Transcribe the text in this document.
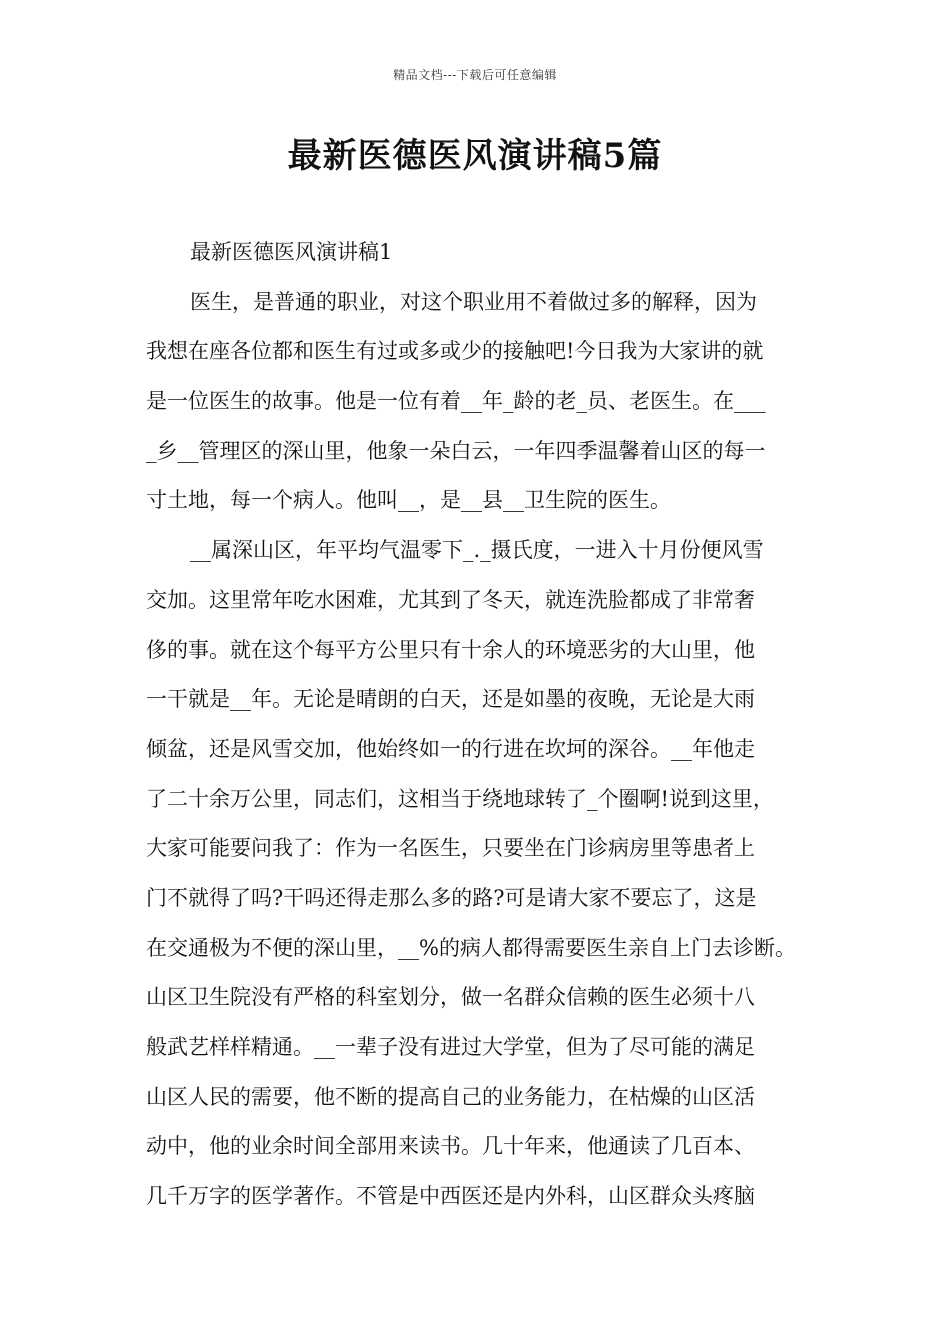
精品文档---下载后可任意编辑
最新医德医风演讲稿5篇
最新医德医风演讲稿1
医生，是普通的职业，对这个职业用不着做过多的解释，因为
我想在座各位都和医生有过或多或少的接触吧!今日我为大家讲的就
是一位医生的故事。他是一位有着__年_龄的老_员、老医生。在___
_乡__管理区的深山里，他象一朵白云，一年四季温馨着山区的每一
寸土地，每一个病人。他叫__，是__县__卫生院的医生。
__属深山区，年平均气温零下_._摄氏度，一进入十月份便风雪
交加。这里常年吃水困难，尤其到了冬天，就连洗脸都成了非常奢
侈的事。就在这个每平方公里只有十余人的环境恶劣的大山里，他
一干就是__年。无论是晴朗的白天，还是如墨的夜晚，无论是大雨
倾盆，还是风雪交加，他始终如一的行进在坎坷的深谷。__年他走
了二十余万公里，同志们，这相当于绕地球转了_个圈啊!说到这里，
大家可能要问我了：作为一名医生，只要坐在门诊病房里等患者上
门不就得了吗?干吗还得走那么多的路?可是请大家不要忘了，这是
在交通极为不便的深山里，__%的病人都得需要医生亲自上门去诊断。
山区卫生院没有严格的科室划分，做一名群众信赖的医生必须十八
般武艺样样精通。__一辈子没有进过大学堂，但为了尽可能的满足
山区人民的需要，他不断的提高自己的业务能力，在枯燥的山区活
动中，他的业余时间全部用来读书。几十年来，他通读了几百本、
几千万字的医学著作。不管是中西医还是内外科，山区群众头疼脑
